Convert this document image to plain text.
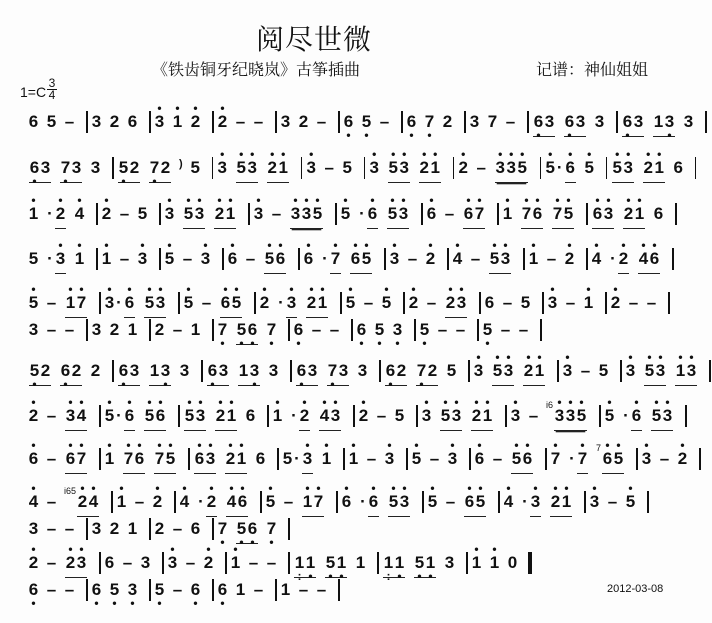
阅尽世微
《铁齿铜牙纪晓岚》古筝插曲	记谱：神仙姐姐
1=C
3
4
6 5 – 3 2 6 3
•
1
•
2
•
2
•
– – 3 2 – 6
•
5
•
– 6
•
7
•
2 3 7 – 6
•
3 6
•
3 3 6
•
3 1 3
•
3
6
•
3 7
•
3 3 5
•
2 7
•
2 ) 5 3
•
5
•
3
•
2
•
1
•
3
•
– 5 3
•
5
•
3
•
2
•
1
•
2
•
– 3
•
3
•
5
•
5
•
· 6
•
5
•
5
•
3
•
2
•
1
•
6
1
•
· 2
•
4
•
2
•
– 5 3
•
5
•
3
•
2
•
1
•
3
•
– 3
•
3
•
5
•
5
•
· 6
•
5
•
3
•
6
•
– 6
•
7
•
1
•
7
•
6
•
7
•
5
•
6
•
3
•
2
•
1
•
6
5 · 3
•
1
•
1
•
– 3
•
5
•
– 3
•
6
•
– 5
•
6
•
6
•
· 7
•
6
•
5
•
3
•
– 2
•
4
•
– 5
•
3
•
1
•
– 2
•
4
•
· 2
•
4
•
6
•
5
•
– 1
•
7
•
3
•
· 6
•
5
•
3
•
5
•
– 6
•
5
•
2
•
· 3
•
2
•
1
•
5
•
– 5
•
2
•
– 2
•
3
•
6 – 5 3
•
– 1
•
2
•
– –
3 – – 3 2 1 2 – 1 7
•
5
•
6
•
7
•
6
•
– – 6
•
5
•
3
•
5
•
– – 5
•
– –
5
•
2 6
•
2 2 6
•
3 1 3
•
3 6
•
3 1 3
•
3 6
•
3 7
•
3 3 6
•
2 7
•
2 5 3
•
5
•
3
•
2
•
1
•
3
•
– 5 3
•
5
•
3
•
1
•
3
•
2
•
– 3
•
4
•
5
•
· 6
•
5
•
6
•
5
•
3
•
2
•
1
•
6 1
•
· 2
•
4
•
3
•
2
•
– 5 3
•
5
•
3
•
2
•
1
•
3
•
–
i6
3
•
3
•
5
•
5
•
· 6
•
5
•
3
•
6
•
– 6
•
7
•
1
•
7
•
6
•
7
•
5
•
6
•
3
•
2
•
1
•
6 5 · 3
•
1
•
1
•
– 3
•
5
•
– 3
•
6
•
– 5
•
6
•
7
•
· 7
•	7
6
•
5
•
3
•
– 2
•
4
•
–
i65
2
•
4
•
1
•
– 2
•
4
•
· 2
•
4
•
6
•
5
•
– 1
•
7
•
6
•
· 6
•
5
•
3
•
5
•
– 6
•
5
•
4
•
· 3
•
2
•
1
•
3
•
– 5
•
3 – – 3 2 1 2 – 6 7
•
5
•
6
•
7
•
2
•
– 2
•
3
•
6 – 3 3
•
– 2
•
1
•
– – 1
:
1
•
5
•
1
•
1 1
:
1
•
5
•
1
•
3 1
•
1
•
0
6
•
– – 6
•
5
•
3
•
5
•
– 6
•
6
•
1 – 1 – –	2012-03-08
